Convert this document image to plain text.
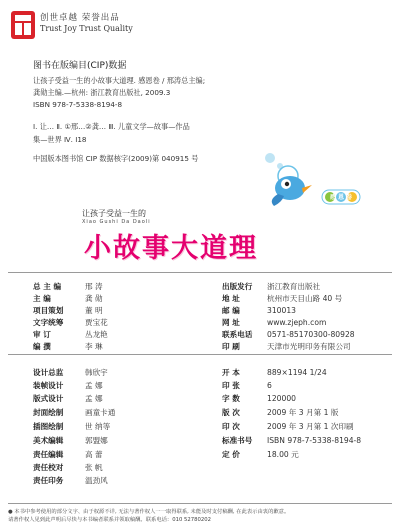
创世卓越 荣誉出品
Trust Joy Trust Quality
图书在版编目(CIP)数据
让孩子受益一生的小故事大道理. 感恩卷 / 邢涛总主编;
龚勋主编.—杭州: 浙江教育出版社, 2009.3
ISBN 978-7-5338-8194-8
Ⅰ. 让… Ⅱ. ①邢…②龚… Ⅲ. 儿童文学—故事—作品
集—世界 Ⅳ. I18
中国版本图书馆 CIP 数据核字(2009)第 040915 号
感恩卷
让孩子受益一生的
Xiao Gushi Da Daoli
小故事大道理
总 主 编	邢 涛
主 编	龚 勋
项目策划	董 明
文字统筹	贾宝花
审 订	丛龙艳
编 撰	李 琳
出版发行 浙江教育出版社
地 址	杭州市天目山路 40 号
邮 编	310013
网 址	www.zjeph.com
联系电话 0571-85170300-80928
印 刷	天津市光明印务有限公司
设计总监	韩欣宇
装帧设计	孟 娜
版式设计	孟 娜
封面绘制	画童卡通
插图绘制	世 纳等
美术编辑	郭盟娜
责任编辑	高 蕾
责任校对	张 帆
责任印务	温劲风
开 本	889×1194 1/24
印 张	6
字 数	120000
版 次	2009 年 3 月第 1 版
印 次	2009 年 3 月第 1 次印刷
标准书号 ISBN 978-7-5338-8194-8
定 价	18.00 元
● 本书中参考使用的部分文字、由于权源不详, 无法与著作权人一一取得联系, 未能及时支付稿酬, 在此表示由衷的歉意。
请著作权人见到此声明后尽快与本书编者联系并领取稿酬。联系电话：010 52780202
